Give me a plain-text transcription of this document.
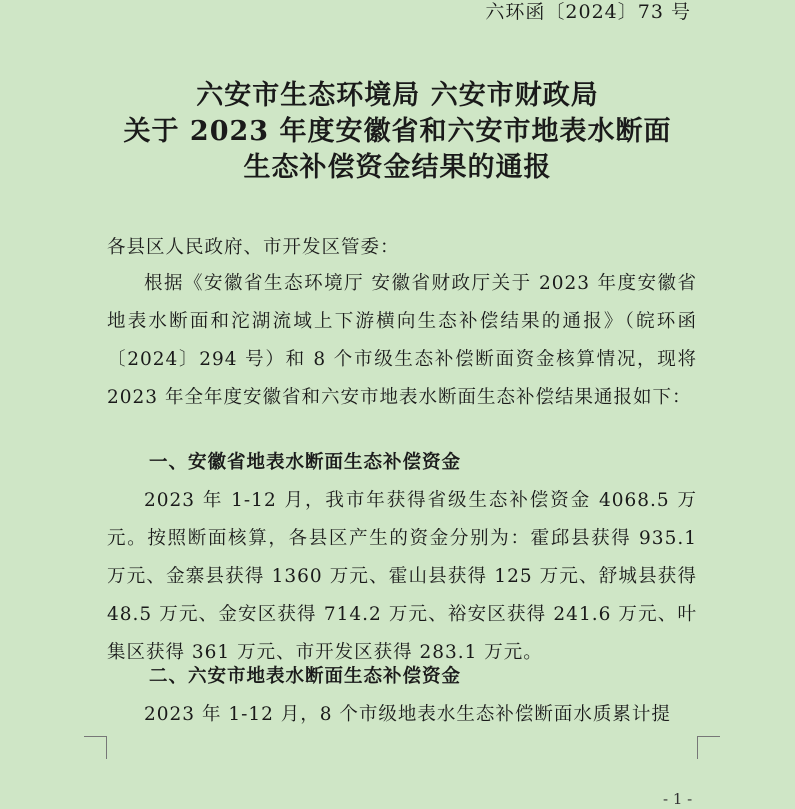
六环函〔2024〕73 号
六安市生态环境局 六安市财政局
关于 2023 年度安徽省和六安市地表水断面
生态补偿资金结果的通报
各县区人民政府、市开发区管委：

根据《安徽省生态环境厅 安徽省财政厅关于 2023 年度安徽省地表水断面和沱湖流域上下游横向生态补偿结果的通报》（皖环函〔2024〕294 号）和 8 个市级生态补偿断面资金核算情况，现将 2023 年全年度安徽省和六安市地表水断面生态补偿结果通报如下：

一、安徽省地表水断面生态补偿资金

2023 年 1-12 月，我市年获得省级生态补偿资金 4068.5 万元。按照断面核算，各县区产生的资金分别为：霍邱县获得 935.1 万元、金寨县获得 1360 万元、霍山县获得 125 万元、舒城县获得 48.5 万元、金安区获得 714.2 万元、裕安区获得 241.6 万元、叶集区获得 361 万元、市开发区获得 283.1 万元。

二、六安市地表水断面生态补偿资金

2023 年 1-12 月，8 个市级地表水生态补偿断面水质累计提

- 1 -
